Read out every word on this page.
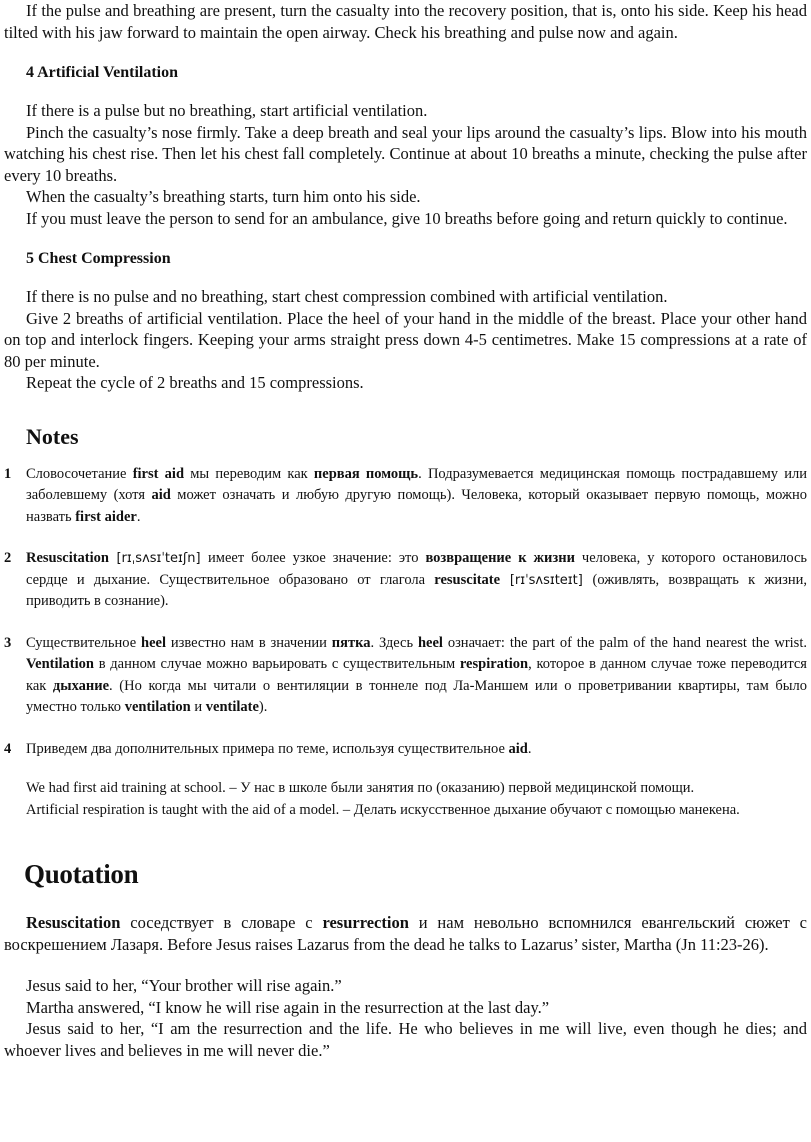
If the pulse and breathing are present, turn the casualty into the recovery position, that is, onto his side. Keep his head tilted with his jaw forward to maintain the open airway. Check his breathing and pulse now and again.

4 Artificial Ventilation

If there is a pulse but no breathing, start artificial ventilation.

Pinch the casualty’s nose firmly. Take a deep breath and seal your lips around the casualty’s lips. Blow into his mouth watching his chest rise. Then let his chest fall completely. Continue at about 10 breaths a minute, checking the pulse after every 10 breaths.

When the casualty’s breathing starts, turn him onto his side.

If you must leave the person to send for an ambulance, give 10 breaths before going and return quickly to continue.

5 Chest Compression

If there is no pulse and no breathing, start chest compression combined with artificial ventilation.

Give 2 breaths of artificial ventilation. Place the heel of your hand in the middle of the breast. Place your other hand on top and interlock fingers. Keeping your arms straight press down 4-5 centimetres. Make 15 compressions at a rate of 80 per minute.

Repeat the cycle of 2 breaths and 15 compressions.

Notes

1 Словосочетание first aid мы переводим как первая помощь. Подразумевается медицинская помощь пострадавшему или заболевшему (хотя aid может означать и любую другую помощь). Человека, который оказывает первую помощь, можно назвать first aider.

2 Resuscitation [rɪˌsʌsɪˈteɪʃn] имеет более узкое значение: это возвращение к жизни человека, у которого остановилось сердце и дыхание. Существительное образовано от глагола resuscitate [rɪˈsʌsɪteɪt] (оживлять, возвращать к жизни, приводить в сознание).

3 Существительное heel известно нам в значении пятка. Здесь heel означает: the part of the palm of the hand nearest the wrist. Ventilation в данном случае можно варьировать с существительным respiration, которое в данном случае тоже переводится как дыхание. (Но когда мы читали о вентиляции в тоннеле под Ла-Маншем или о проветривании квартиры, там было уместно только ventilation и ventilate).

4 Приведем два дополнительных примера по теме, используя существительное aid.

We had first aid training at school. – У нас в школе были занятия по (оказанию) первой медицинской помощи.

Artificial respiration is taught with the aid of a model. – Делать искусственное дыхание обучают с помощью манекена.

Quotation

Resuscitation соседствует в словаре с resurrection и нам невольно вспомнился евангельский сюжет с воскрешением Лазаря. Before Jesus raises Lazarus from the dead he talks to Lazarus’ sister, Martha (Jn 11:23-26).

Jesus said to her, “Your brother will rise again.”

Martha answered, “I know he will rise again in the resurrection at the last day.”

Jesus said to her, “I am the resurrection and the life. He who believes in me will live, even though he dies; and whoever lives and believes in me will never die.”
